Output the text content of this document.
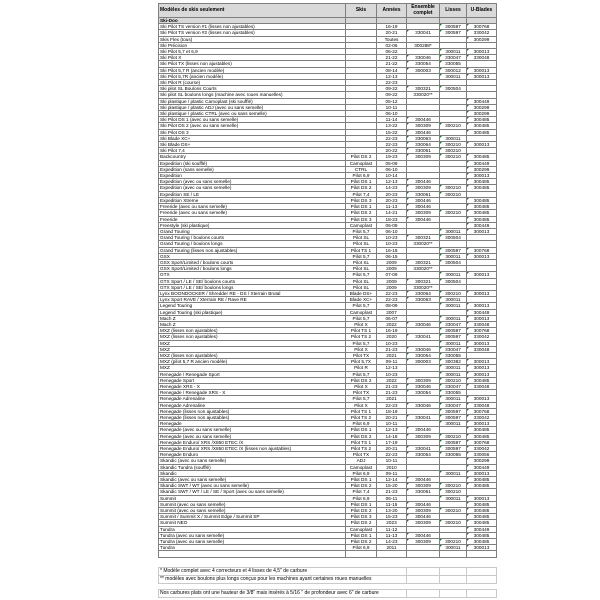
Modèles de skis seulement	Skis	Années	Ensemble complet	Lisses	U-Blades
Ski-Doo					
Ski Pilot TS version #1 (lisses non ajustables)		16-19		300597	300768
Ski Pilot TS version #2 (lisses non ajustables)		20-21	330041	300597	330042
Skis Flex (tous)		Toutes			300299
Ski Précision		02-06	300288*		
Ski Pilot 5,7 et 6,9		06-22		300011	300013
Ski Pilot X		21-22	330046	330047	330048
Ski Pilot TX (lisses non ajustables)		21-22	330054	330055	
Ski Pilot 5,7 R (ancien modèle)		08-14	300003	300012	300013
Ski Pilot 5,7R (ancien modèle)		12-13		300011	300013
Ski Pilot R (course)		22-23			
Ski pilot SL Boulons Courts		09-22	300321	300504	
Ski pilot SL boulons longs (machine avec roues manuelles)		09-22	330020**		
Ski plastique / plastic Camoplast (ski soufflé)		05-12			300449
Ski plastique / plastic ADJ (avec ou sans semelle)		10-11			300299
Ski plastique / plastic CTRL (avec ou sans semelle)		06-10			300299
Ski Pilot DS 1 (avec ou sans semelle)		11-14	300446		300485
Ski Pilot DS 2 (avec ou sans semelle)		13-22	300309	300210	300485
Ski Pilot DS 3		15-22	300446		300485
Ski Blade XC+		22-23	330063	300011	
Ski Blade DS+		22-23	330064	300210	300013
Ski Pilot 7,4		20-22	330061	300210	
Backcountry	Pilot DS 2	19-23	300309	300210	300485
Expedition (ski soufflé)	Camoplast	05-09			300449
Expedition (sans semelle)	CTRL	06-10			300299
Expedition	Pilot 6,9	10-14			300013
Expedition (avec ou sans semelle)	Pilot DS 1	12-13	300446		300485
Expedition (avec ou sans semelle)	Pilot DS 2	14-23	300309	300210	300485
Expedition SE / LE	Pilot 7,4	20-23	330061	300210	
Expedition Xtreme	Pilot DS 3	20-23	300446		300485
Freeride (avec ou sans semelle)	Pilot DS 1	11-13	300446		300485
Freeride (avec ou sans semelle)	Pilot DS 2	14-21	300309	300210	300485
Freeride	Pilot DS 3	18-23	300446		300485
Freestyle (ski plastique)	Camoplast	06-09			300449
Grand Touring	Pilot 5,7	06-10		300011	300013
Grand Touring / boulons courts	Pilot SL	10-23	300321	300504	
Grand Touring / boulons longs	Pilot SL	10-23	330020**		
Grand Touring (lisses non ajustables)	Pilot TS 1	16-18		300597	300768
GSX	Pilot 5,7	06-15		300011	300013
GSX Sport/Limited / boulons courts	Pilot SL	2009	300321	300504	
GSX Sport/Limited / boulons longs	Pilot SL	2009	330020**		
GTX	Pilot 5,7	07-09		300011	300013
GTX Sport / LE / SE/ boulons courts	Pilot SL	2009	300321	300504	
GTX Sport / LE / SE/ boulons longs	Pilot SL	2009	330020**		
Lynx BOONDOCKER / Shredder RE - DS / Xterrain Brutal	Blade DS+	22-23	330064	300210	300013
Lynx Sport RAVE / Xterrain RE / Rave RE	Blade XC+	22-23	330063	300011	
Legend Touring	Pilot 5,7	08-09		300011	300013
Legend Touring (ski plastique)	Camoplast	2007			300449
Mach Z	Pilot 5,7	06-07		300011	300013
Mach Z	Pilot X	2022	330046	330047	330048
MXZ (lisses non ajustables)	Pilot TS 1	16-19		300597	300768
MXZ (lisses non ajustables)	Pilot TS 2	2020	330041	300597	330042
MXZ	Pilot 5,7	10-23		300011	300013
MXZ	Pilot X	21-23	330046	330047	330048
MXZ (lisses non ajustables)	Pilot TX	2021	330054	330055	
MXZ (pilot 5,7 R ancien modèle)	Pilot 5,7X	09-11	300003	300382	300013
MXZ	Pilot R	12-13		300011	300013
Renegade / Renegade Sport	Pilot 5,7	10-23		300011	300013
Renegade Sport	Pilot DS 2	2022	300309	300210	300485
Renegade XRS - X	Pilot X	21-23	330046	330047	330048
Renegade / Renegade XRS - X	Pilot TX	21-23	330054	330055	
Renegade Adrenaline	Pilot 5,7	2021		300011	300013
Renegade Adrenaline	Pilot X	22-23	330046	330047	330048
Renegade (lisses non ajustables)	Pilot TS 1	18-19		300597	300768
Renegade (lisses non ajustables)	Pilot TS 2	20-21	330041	300597	330042
Renegade	Pilot 6,9	10-11		300011	300013
Renegade (avec ou sans semelle)	Pilot DS 1	12-13	300446		300485
Renegade (avec ou sans semelle)	Pilot DS 2	14-18	300309	300210	300485
Renegade Enduro/ XRS /X850 ETEC /X	Pilot TS 1	17-19		300597	300768
Renegade Enduro/ XRS /X850 ETEC /X (lisses non ajustables)	Pilot TS 2	20-21	330041	300597	330042
Renegade Enduro	Pilot TX	22-23	330054	330055	330056
Skandic (avec ou sans semelle)	ADJ	10-11			300299
Skandic Tundra (soufflé)	Camoplast	2010			300449
Skandic	Pilot 6,9	09-11		300011	300013
Skandic (avec ou sans semelle)	Pilot DS 1	12-14	300446		300485
Skandic SWT / WT (avec ou sans semelle)	Pilot DS 2	15-20	300309	300210	300485
Skandic SWT / WT / LE / SE / Sport (avec ou sans semelle)	Pilot 7,4	21-23	330061	300210	
Summit	Pilot 6,9	06-11		300011	300013
Summit (avec ou sans semelle)	Pilot DS 1	11-15	300446		300485
Summit (avec ou sans semelle)	Pilot DS 2	13-20	300309	300210	300485
Summit / Summit X / Summit Edge / Summit SP	Pilot DS 3	15-23	300446		300485
Summit NEO	Pilot DS 2	2023	300309	300210	300485
Tundra	Camoplast	11-12			300449
Tundra (avec ou sans semelle)	Pilot DS 1	11-13	300446		300485
Tundra (avec ou sans semelle)	Pilot DS 2	14-23	300309	300210	300485
Tundra	Pilot 6,9	2011		300011	300013

* Modèle complet avec 4 correcteurs et 4 lisses de 4,5" de carbure			
** modèles avec boulons plus longs conçus pour les machines ayant certaines roues manuelles			

Nos carbures plats ont une hauteur de 3/8" mais insérés à 5/16 " de profondeur avec 6" de carbure			
